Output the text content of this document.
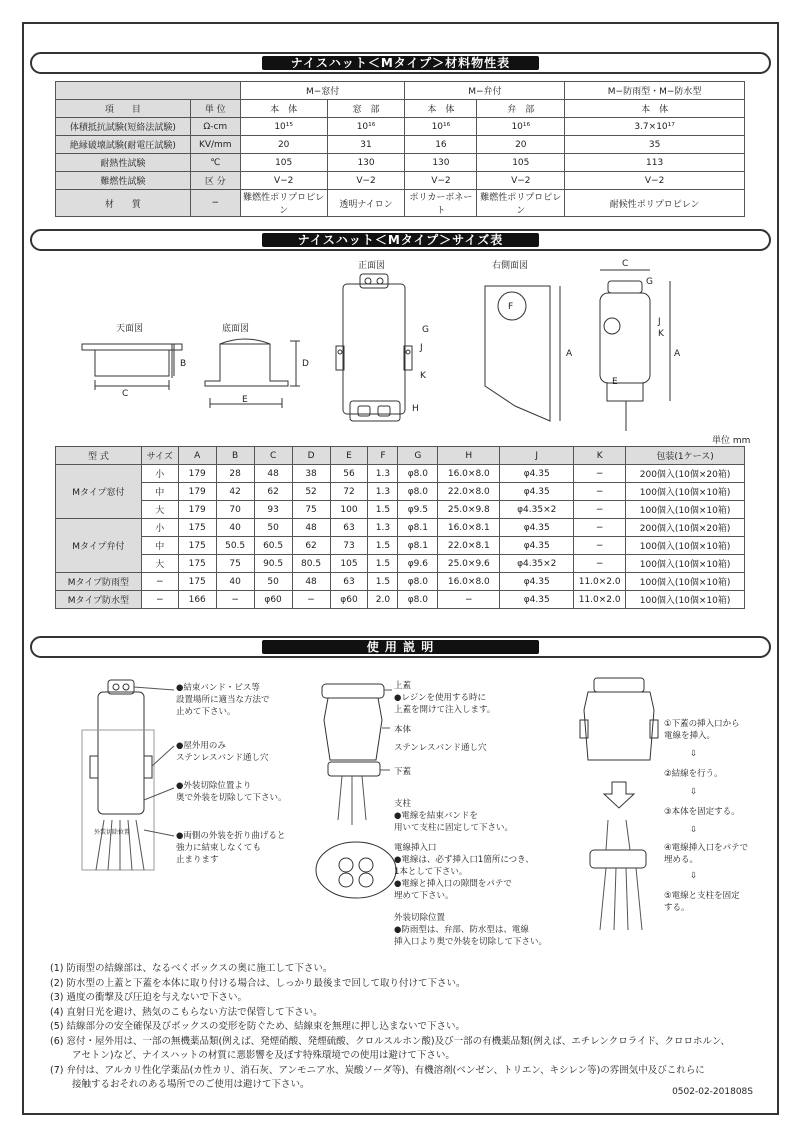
ナイスハット＜Mタイプ＞材料物性表
		M−窓付		M−弁付		M−防雨型・M−防水型
項　　目	単 位	本　体	窓　部	本　体	弁　部	本　体
体積抵抗試験(短絡法試験)	Ω-cm	10¹⁵	10¹⁶	10¹⁶	10¹⁶	3.7×10¹⁷
絶縁破壊試験(耐電圧試験)	KV/mm	20	31	16	20	35
耐熱性試験	℃	105	130	130	105	113
難燃性試験	区 分	V−2	V−2	V−2	V−2	V−2
材　　質	−	難燃性ポリプロピレン	透明ナイロン	ポリカーボネート	難燃性ポリプロピレン	耐候性ポリプロピレン
ナイスハット＜Mタイプ＞サイズ表
天面図	底面図
正面図	右側面図
B
C
D
E
F
G
J
K
H
A
C
A
E
G
J
K
単位 mm
型 式	サイズ	A	B	C	D	E	F	G	H	J	K	包装(1ケース)
Mタイプ窓付	小	179	28	48	38	56	1.3	φ8.0	16.0×8.0	φ4.35	−	200個入(10個×20箱)
	中	179	42	62	52	72	1.3	φ8.0	22.0×8.0	φ4.35	−	100個入(10個×10箱)
	大	179	70	93	75	100	1.5	φ9.5	25.0×9.8	φ4.35×2	−	100個入(10個×10箱)
Mタイプ弁付	小	175	40	50	48	63	1.3	φ8.1	16.0×8.1	φ4.35	−	200個入(10個×20箱)
	中	175	50.5	60.5	62	73	1.5	φ8.1	22.0×8.1	φ4.35	−	100個入(10個×10箱)
	大	175	75	90.5	80.5	105	1.5	φ9.6	25.0×9.6	φ4.35×2	−	100個入(10個×10箱)
Mタイプ防雨型	−	175	40	50	48	63	1.5	φ8.0	16.0×8.0	φ4.35	11.0×2.0	100個入(10個×10箱)
Mタイプ防水型	−	166	−	φ60	−	φ60	2.0	φ8.0	−	φ4.35	11.0×2.0	100個入(10個×10箱)
使 用 説 明
外装切除位置
●結束バンド・ビス等
設置場所に適当な方法で
止めて下さい。
●屋外用のみ
ステンレスバンド通し穴
●外装切除位置より
奥で外装を切除して下さい。
●両側の外装を折り曲げると
強力に結束しなくても
止まります
上蓋
●レジンを使用する時に
上蓋を開けて注入します。
本体
ステンレスバンド通し穴
下蓋
支柱
●電線を結束バンドを
用いて支柱に固定して下さい。
電線挿入口
●電線は、必ず挿入口1箇所につき、
1本として下さい。
●電線と挿入口の隙間をパテで
埋めて下さい。
外装切除位置
●防雨型は、弁部、防水型は、電線
挿入口より奥で外装を切除して下さい。
①下蓋の挿入口から
電線を挿入。
⇩
②結線を行う。
⇩
③本体を固定する。
⇩
④電線挿入口をパテで
埋める。
⇩
⑤電線と支柱を固定
する。
(1) 防雨型の結線部は、なるべくボックスの奥に施工して下さい。
(2) 防水型の上蓋と下蓋を本体に取り付ける場合は、しっかり最後まで回して取り付けて下さい。
(3) 過度の衝撃及び圧迫を与えないで下さい。
(4) 直射日光を避け、熱気のこもらない方法で保管して下さい。
(5) 結線部分の安全確保及びボックスの変形を防ぐため、結線束を無理に押し込まないで下さい。
(6) 窓付・屋外用は、一部の無機薬品類(例えば、発煙硝酸、発煙硫酸、クロルスルホン酸)及び一部の有機薬品類(例えば、エチレンクロライド、クロロホルン、
アセトン)など、ナイスハットの材質に悪影響を及ぼす特殊環境での使用は避けて下さい。
(7) 弁付は、アルカリ性化学薬品(カ性カリ、消石灰、アンモニア水、炭酸ソーダ等)、有機溶剤(ベンゼン、トリエン、キシレン等)の雰囲気中及びこれらに
接触するおそれのある場所でのご使用は避けて下さい。
0502-02-201808S
